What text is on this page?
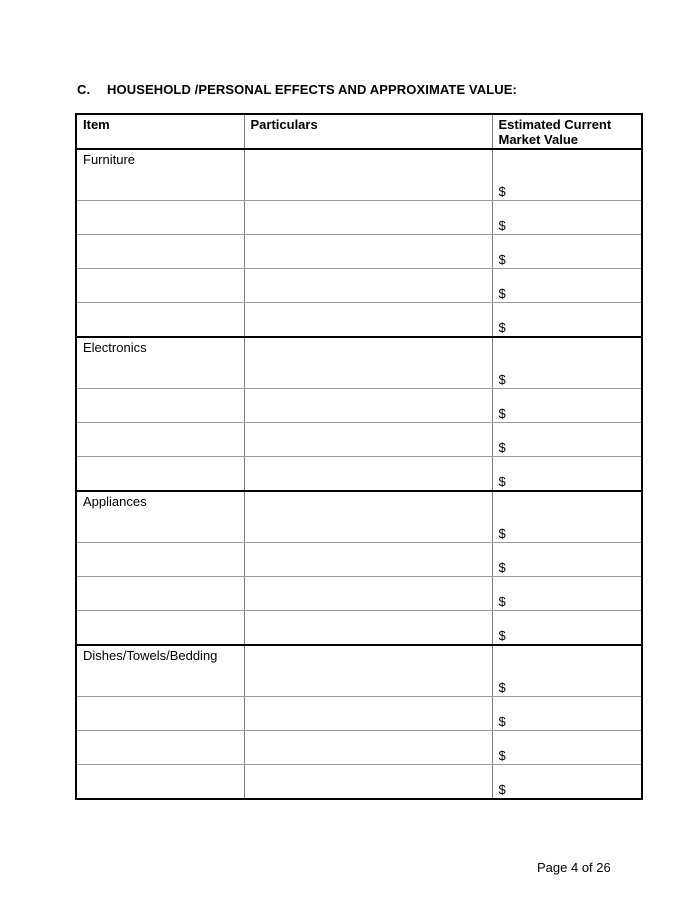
C. HOUSEHOLD /PERSONAL EFFECTS AND APPROXIMATE VALUE:
Item	Particulars	Estimated Current
Market Value

Furniture		$

		$

		$

		$

		$

Electronics		$

		$

		$

		$

Appliances		$

		$

		$

		$

Dishes/Towels/Bedding		$

		$

		$

		$
Page 4 of 26
